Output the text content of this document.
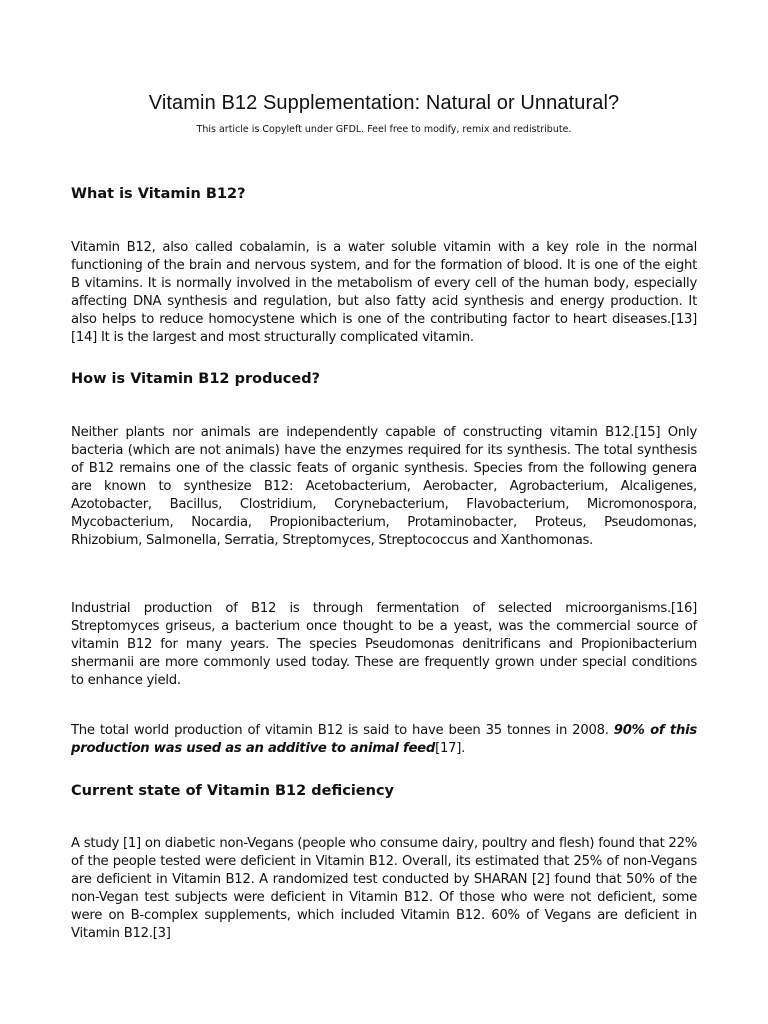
Vitamin B12 Supplementation: Natural or Unnatural?

This article is Copyleft under GFDL. Feel free to modify, remix and redistribute.

What is Vitamin B12?

Vitamin B12, also called cobalamin, is a water soluble vitamin with a key role in the normal functioning of the brain and nervous system, and for the formation of blood. It is one of the eight B vitamins. It is normally involved in the metabolism of every cell of the human body, especially affecting DNA synthesis and regulation, but also fatty acid synthesis and energy production. It also helps to reduce homocystene which is one of the contributing factor to heart diseases.[13][14] It is the largest and most structurally complicated vitamin.

How is Vitamin B12 produced?

Neither plants nor animals are independently capable of constructing vitamin B12.[15] Only bacteria (which are not animals) have the enzymes required for its synthesis. The total synthesis of B12 remains one of the classic feats of organic synthesis. Species from the following genera are known to synthesize B12: Acetobacterium, Aerobacter, Agrobacterium, Alcaligenes, Azotobacter, Bacillus, Clostridium, Corynebacterium, Flavobacterium, Micromonospora, Mycobacterium, Nocardia, Propionibacterium, Protaminobacter, Proteus, Pseudomonas, Rhizobium, Salmonella, Serratia, Streptomyces, Streptococcus and Xanthomonas.

Industrial production of B12 is through fermentation of selected microorganisms.[16] Streptomyces griseus, a bacterium once thought to be a yeast, was the commercial source of vitamin B12 for many years. The species Pseudomonas denitrificans and Propionibacterium shermanii are more commonly used today. These are frequently grown under special conditions to enhance yield.

The total world production of vitamin B12 is said to have been 35 tonnes in 2008. 90% of this production was used as an additive to animal feed[17].

Current state of Vitamin B12 deficiency

A study [1] on diabetic non-Vegans (people who consume dairy, poultry and flesh) found that 22% of the people tested were deficient in Vitamin B12. Overall, its estimated that 25% of non-Vegans are deficient in Vitamin B12. A randomized test conducted by SHARAN [2] found that 50% of the non-Vegan test subjects were deficient in Vitamin B12. Of those who were not deficient, some were on B-complex supplements, which included Vitamin B12. 60% of Vegans are deficient in Vitamin B12.[3]
